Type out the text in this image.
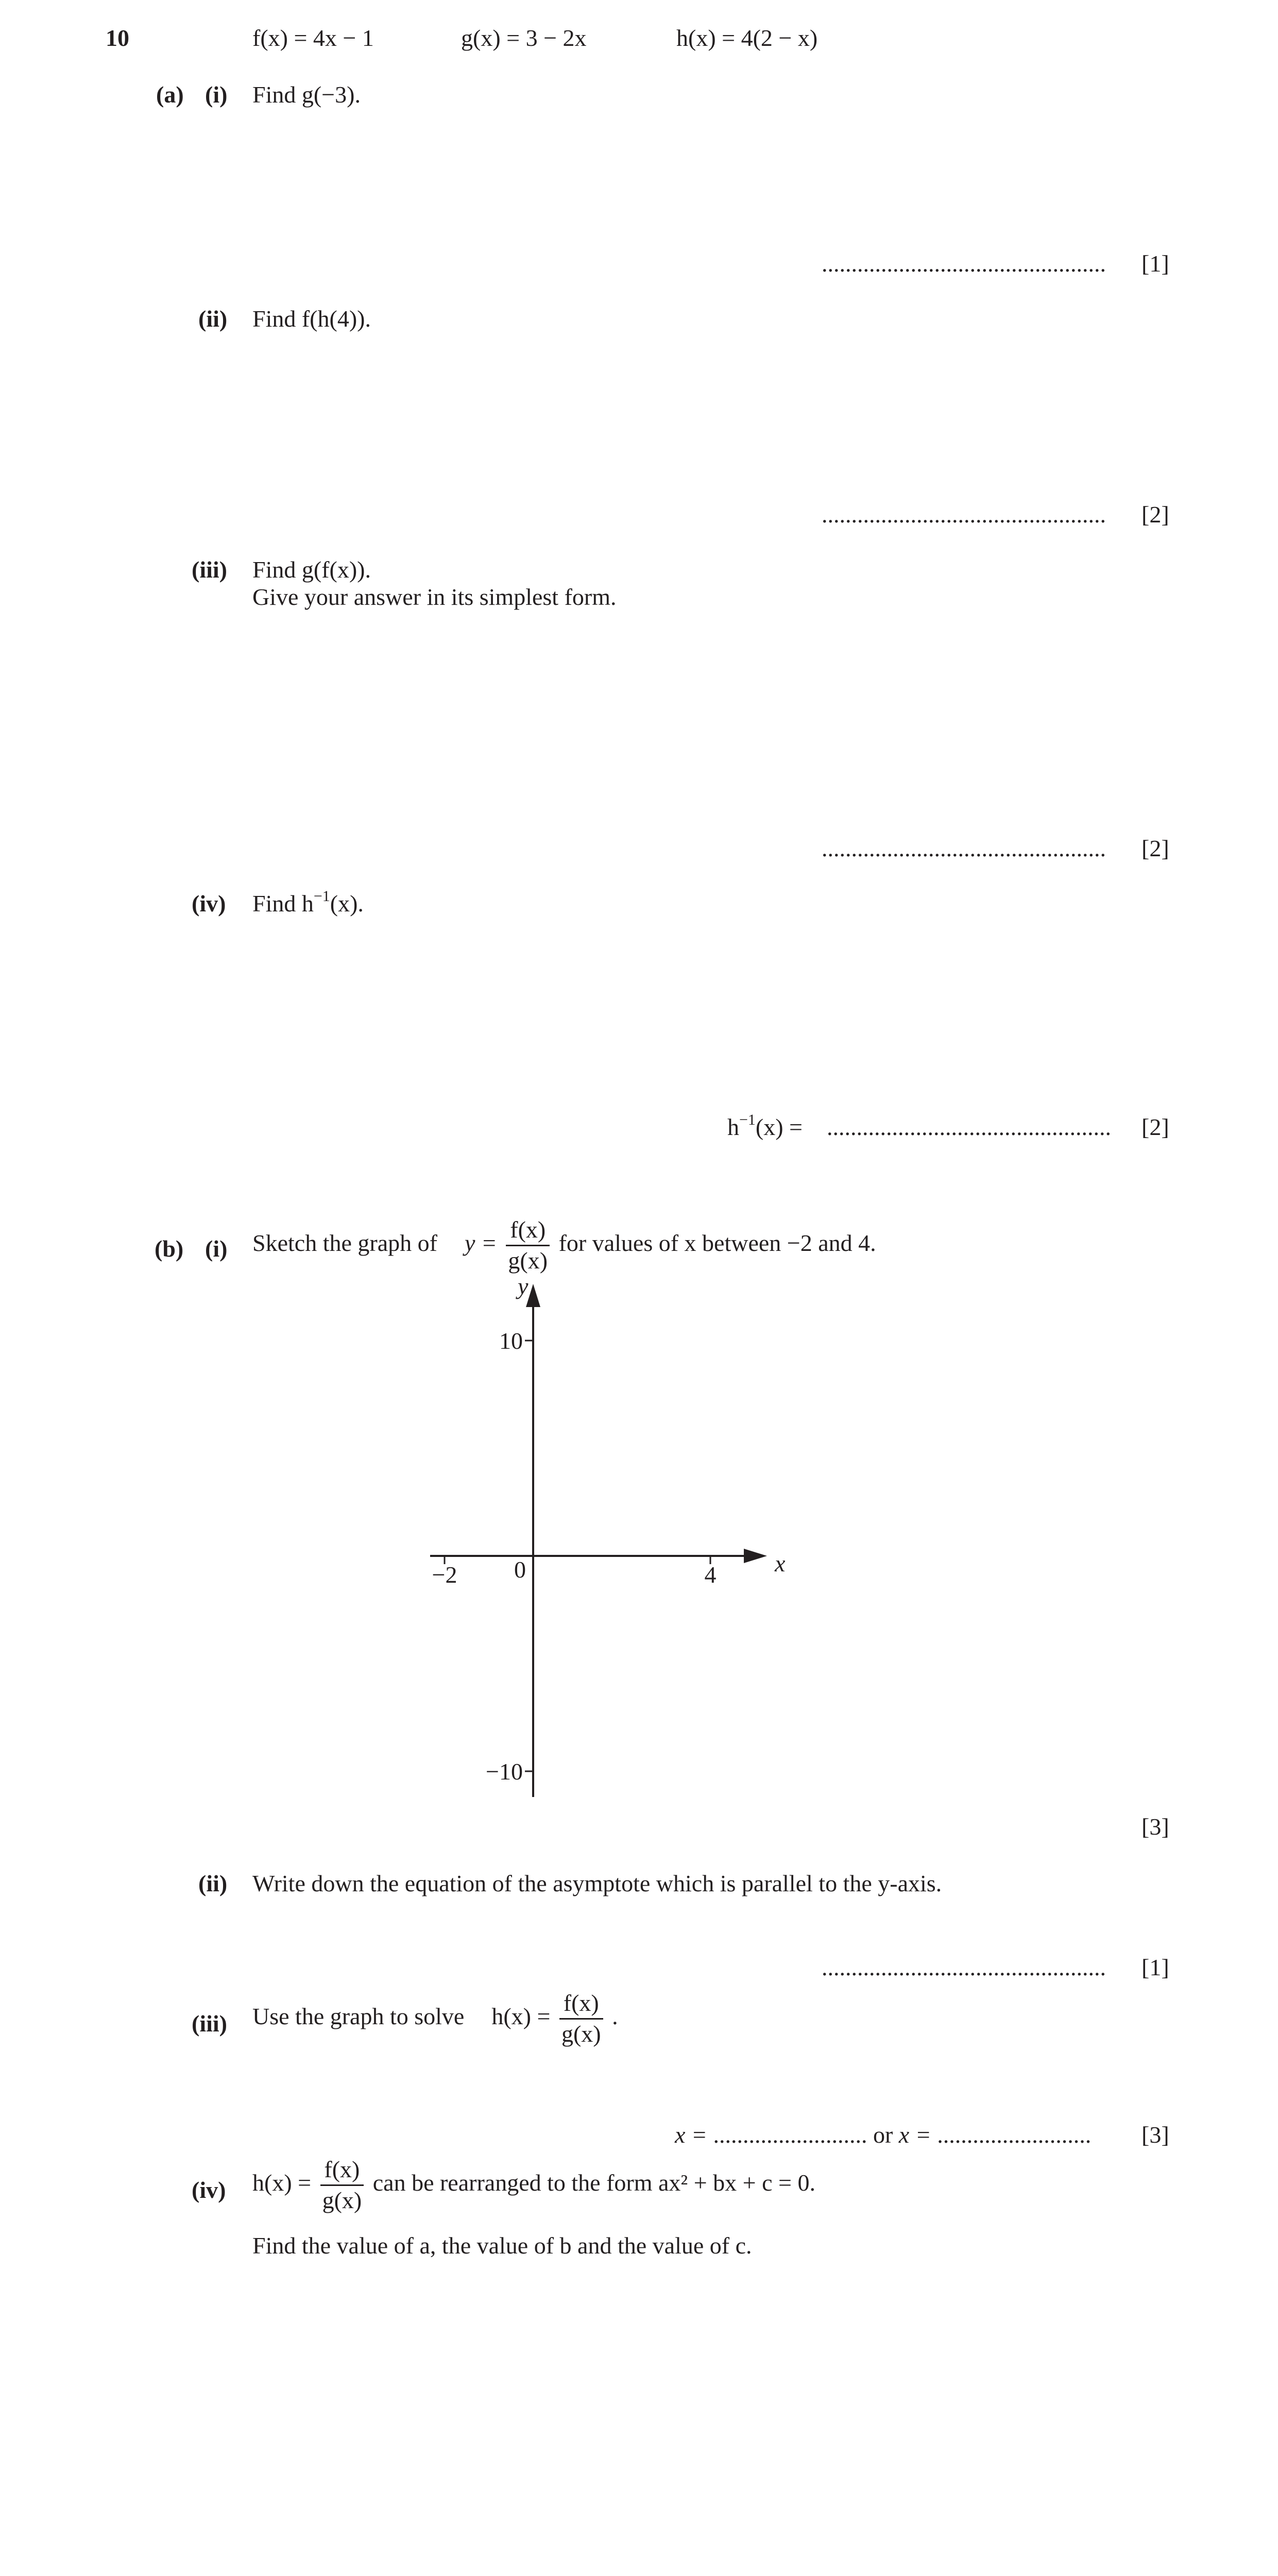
10	f(x) = 4x − 1	g(x) = 3 − 2x	h(x) = 4(2 − x)
(a) (i) Find g(−3).
................................................ [1]
(ii) Find f(h(4)).
................................................ [2]
(iii) Find g(f(x)).
Give your answer in its simplest form.
................................................ [2]
(iv) Find $h^{-1}(x)$.
$h^{-1}(x)$ = ................................................ [2]
(b) (i) Sketch the graph of $y = \frac{f(x)}{g(x)}$ for values of x between −2 and 4.
−2	4
−10
10
0	x
y
[3]
(ii) Write down the equation of the asymptote which is parallel to the y-axis.
................................................ [1]
(iii) Use the graph to solve $h(x) = \frac{f(x)}{g(x)}$ .
x = .......................... or x = .......................... [3]
(iv) $h(x) = \frac{f(x)}{g(x)}$ can be rearranged to the form ax² + bx + c = 0.
Find the value of a, the value of b and the value of c.
